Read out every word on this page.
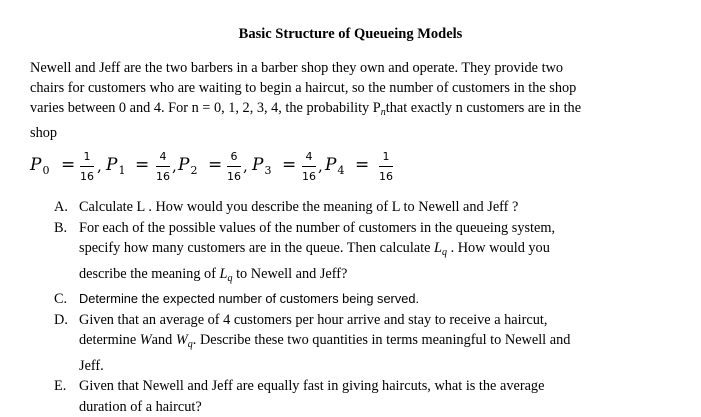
Basic Structure of Queueing Models
Newell and Jeff are the two barbers in a barber shop they own and operate. They provide two
chairs for customers who are waiting to begin a haircut, so the number of customers in the shop
varies between 0 and 4. For n = 0, 1, 2, 3, 4, the probability $P_nthat$ exactly n customers are in the
shop
$P_0 = 1$
16
, $P_1 = 4$
16
, $P_2 = 6$
16
, $P_3 = 4$
16
, $P_4$ =	1
16
A. Calculate L . How would you describe the meaning of L to Newell and Jeff ?
B. For each of the possible values of the number of customers in the queueing system,
specify how many customers are in the queue. Then calculate $L_q$ . How would you
describe the meaning of $L_q$ to Newell and Jeff?
C. Determine the expected number of customers being served.
D. Given that an average of 4 customers per hour arrive and stay to receive a haircut,
determine Wand $W_q$. Describe these two quantities in terms meaningful to Newell and
Jeff.
E. Given that Newell and Jeff are equally fast in giving haircuts, what is the average
duration of a haircut?
